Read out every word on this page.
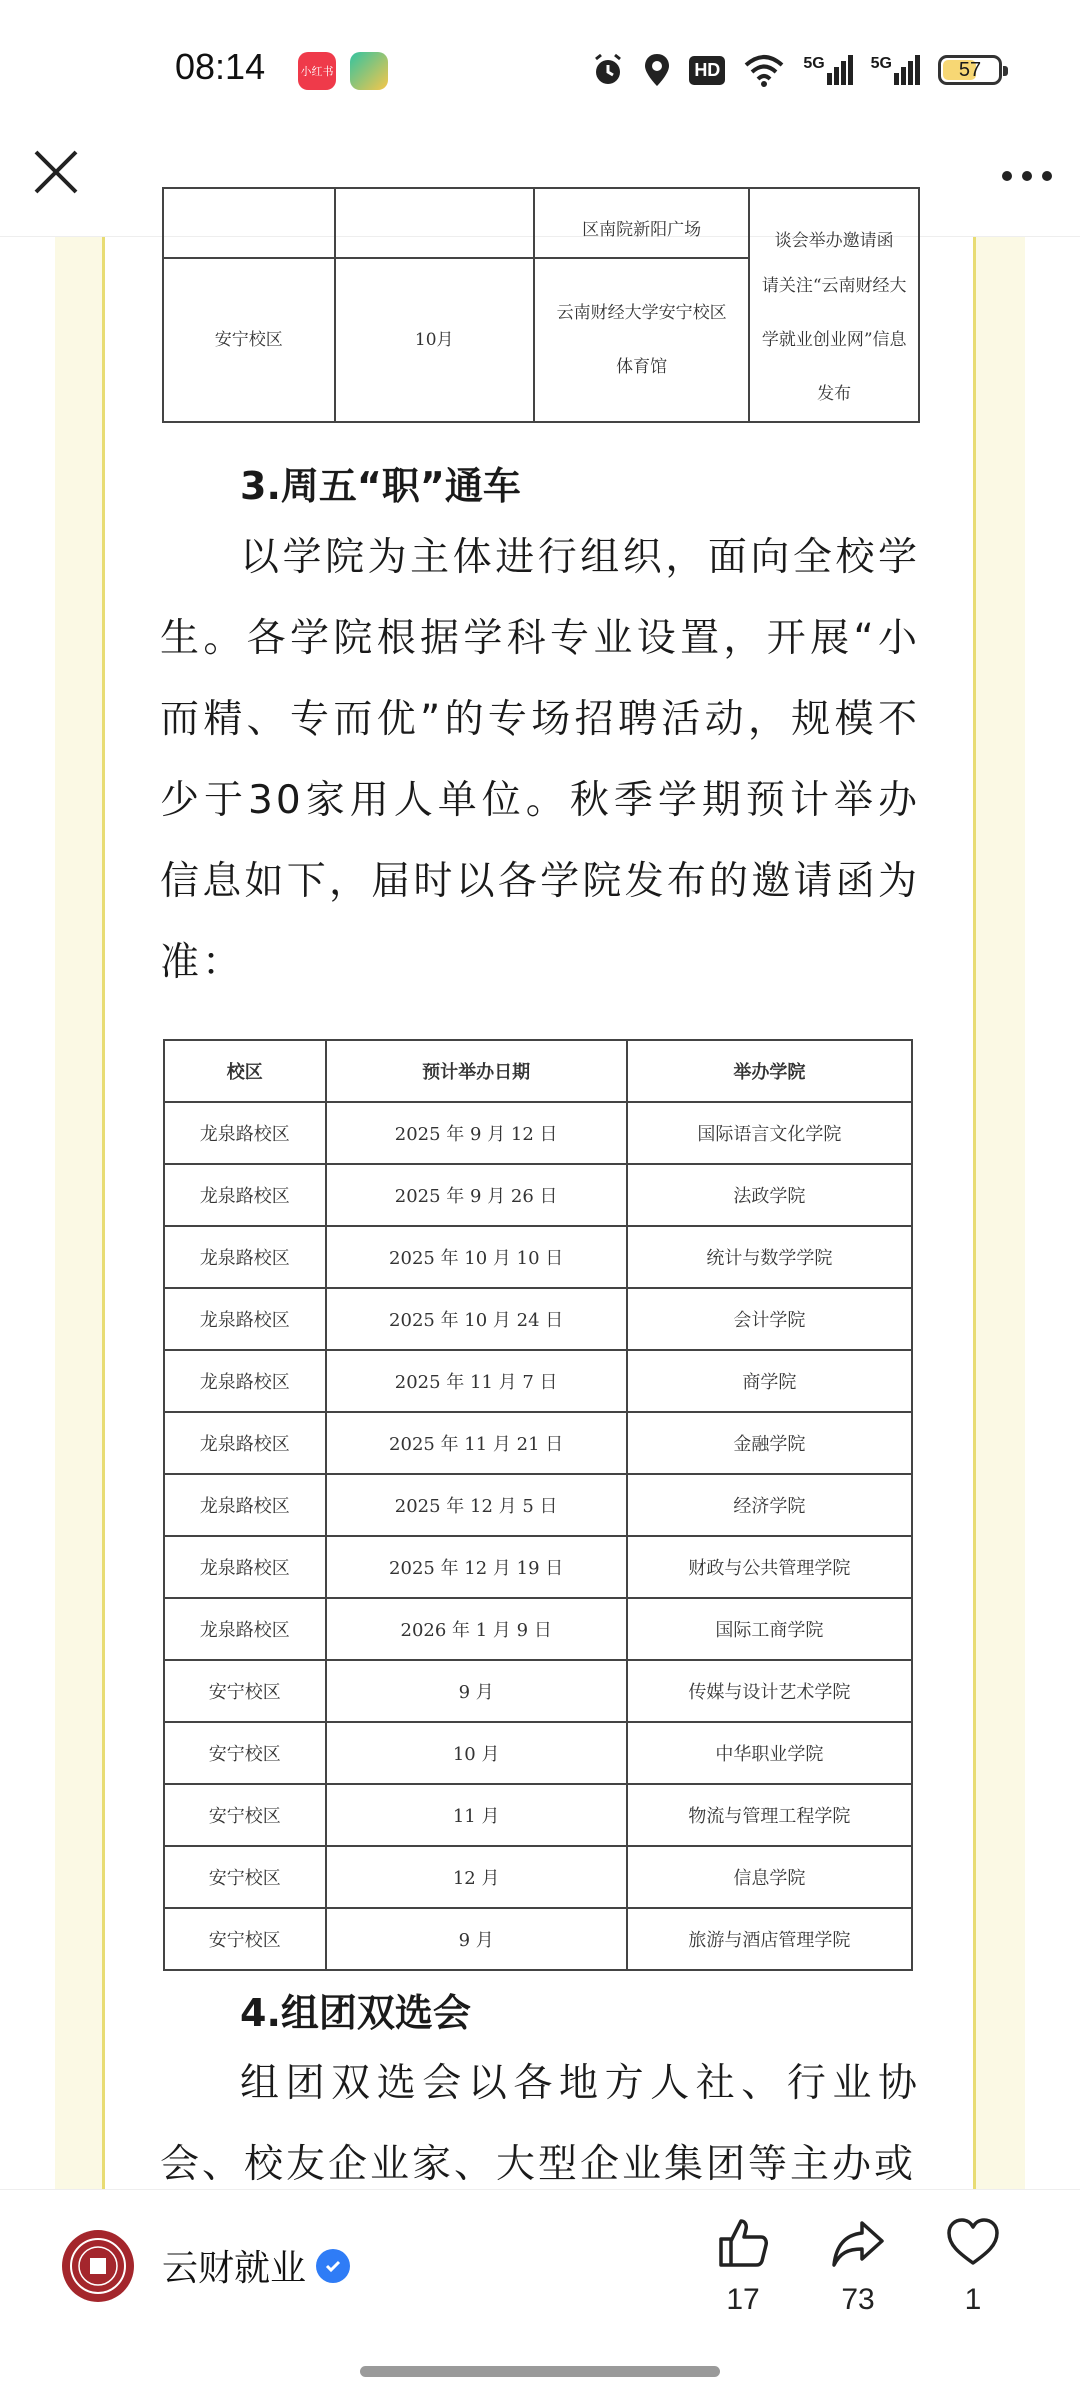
08:14	小红书	HD	5G	5G	57
		区南院新阳广场	谈会举办邀请函
安宁校区	10月	云南财经大学安宁校区体育馆	请关注“云南财经大学就业创业网”信息发布
3.周五“职”通车
以学院为主体进行组织，面向全校学生。各学院根据学科专业设置，开展“小而精、专而优”的专场招聘活动，规模不少于30家用人单位。秋季学期预计举办信息如下，届时以各学院发布的邀请函为准：
校区	预计举办日期	举办学院
龙泉路校区	2025 年 9 月 12 日	国际语言文化学院
龙泉路校区	2025 年 9 月 26 日	法政学院
龙泉路校区	2025 年 10 月 10 日	统计与数学学院
龙泉路校区	2025 年 10 月 24 日	会计学院
龙泉路校区	2025 年 11 月 7 日	商学院
龙泉路校区	2025 年 11 月 21 日	金融学院
龙泉路校区	2025 年 12 月 5 日	经济学院
龙泉路校区	2025 年 12 月 19 日	财政与公共管理学院
龙泉路校区	2026 年 1 月 9 日	国际工商学院
安宁校区	9 月	传媒与设计艺术学院
安宁校区	10 月	中华职业学院
安宁校区	11 月	物流与管理工程学院
安宁校区	12 月	信息学院
安宁校区	9 月	旅游与酒店管理学院
4.组团双选会
组团双选会以各地方人社、行业协会、校友企业家、大型企业集团等主办或
云财就业
17	73	1
